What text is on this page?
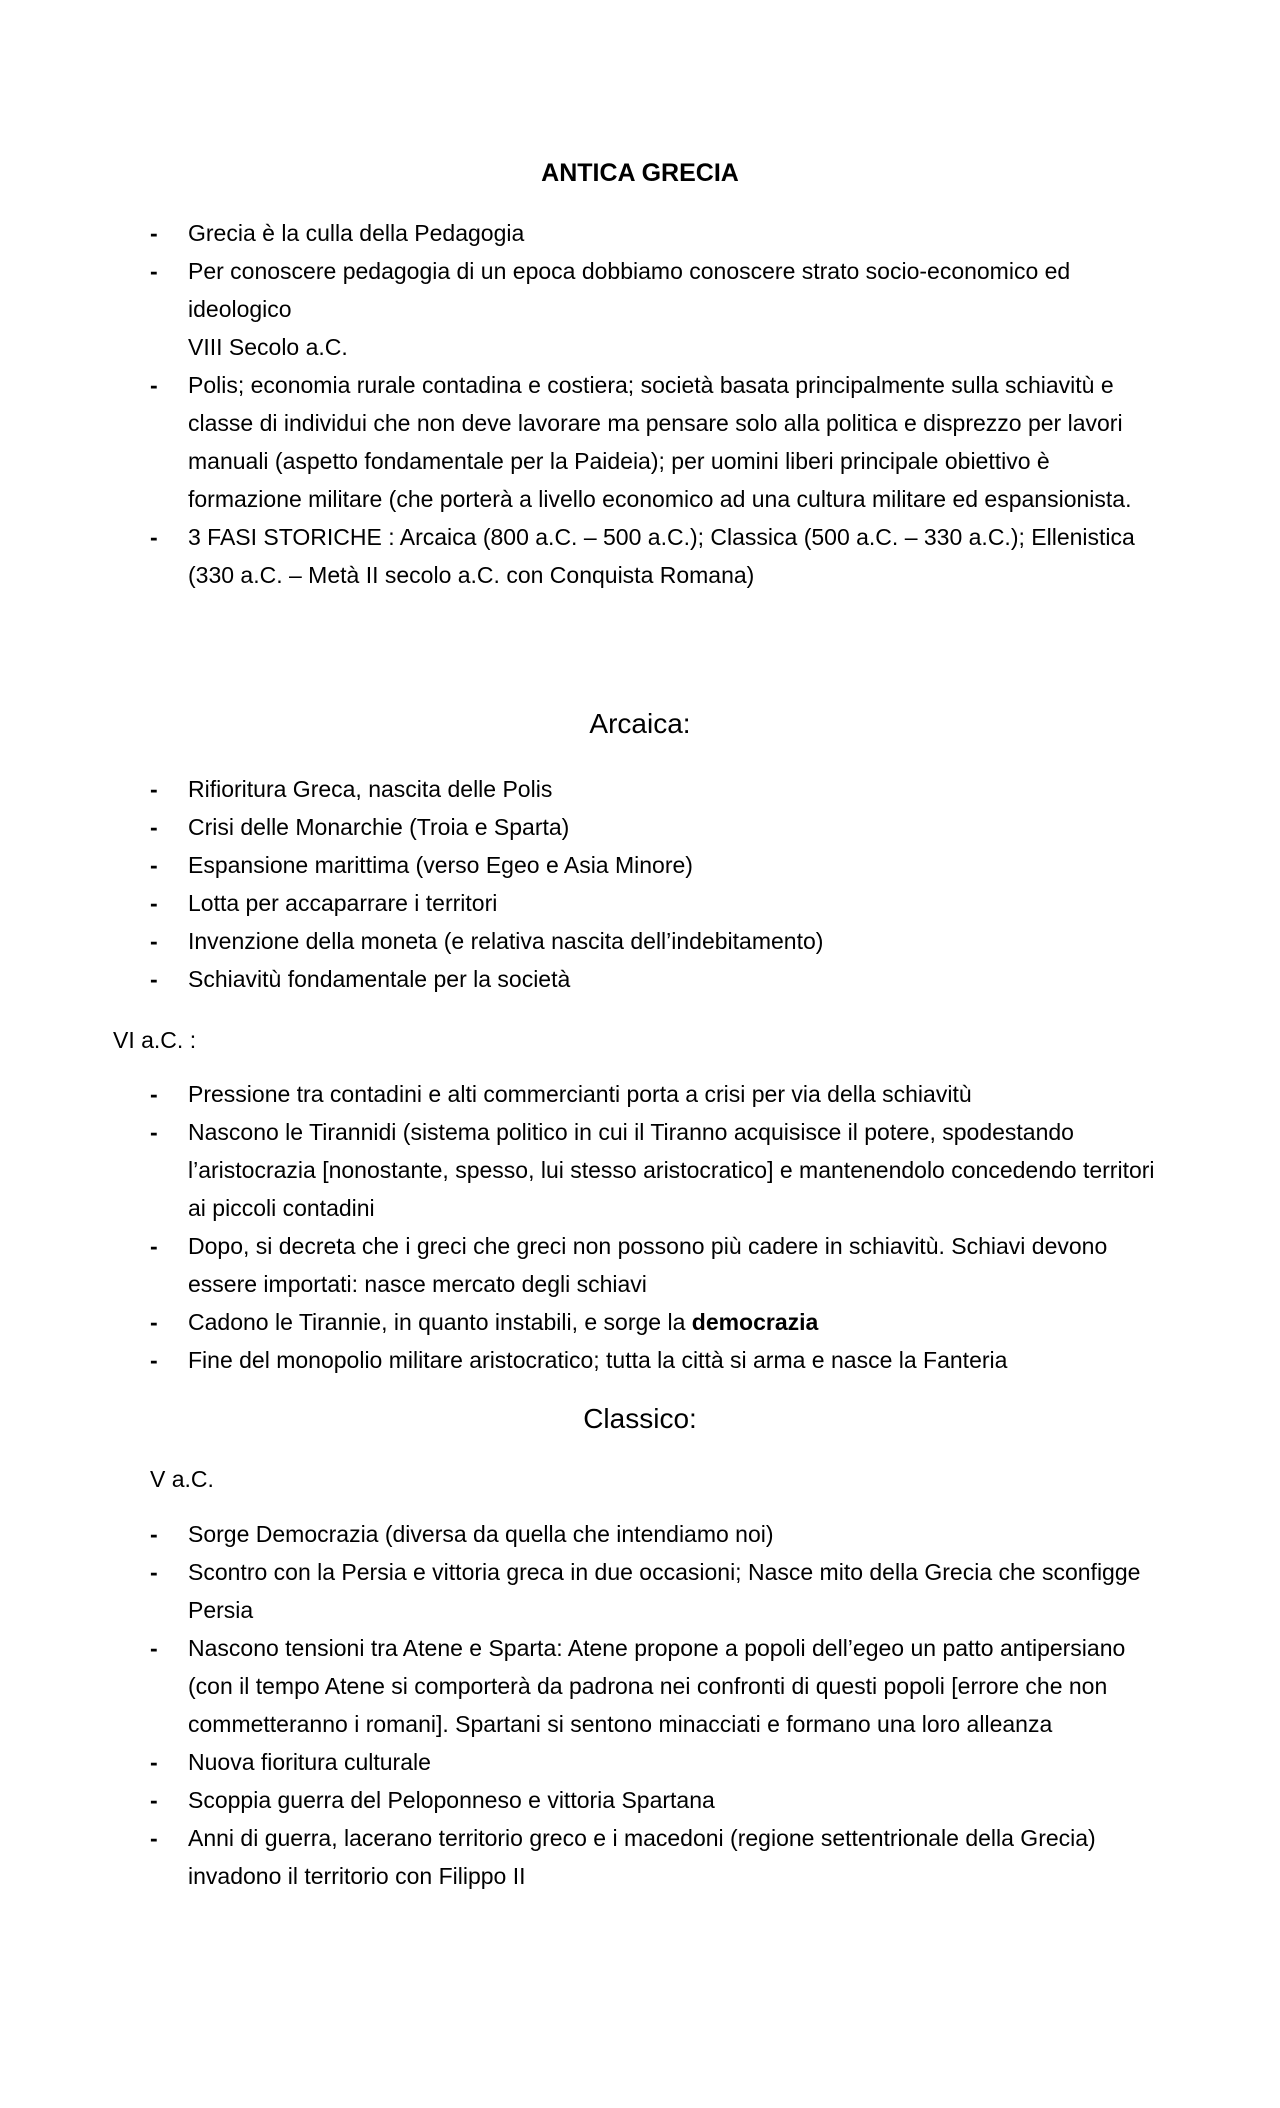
ANTICA GRECIA
-	Grecia è la culla della Pedagogia
-	Per conoscere pedagogia di un epoca dobbiamo conoscere strato socio-economico ed ideologico
VIII Secolo a.C.
-	Polis; economia rurale contadina e costiera; società basata principalmente sulla schiavitù e classe di individui che non deve lavorare ma pensare solo alla politica e disprezzo per lavori manuali (aspetto fondamentale per la Paideia); per uomini liberi principale obiettivo è formazione militare (che porterà a livello economico ad una cultura militare ed espansionista.
-	3 FASI STORICHE : Arcaica (800 a.C. – 500 a.C.); Classica (500 a.C. – 330 a.C.); Ellenistica (330 a.C. – Metà II secolo a.C. con Conquista Romana)
Arcaica:
-	Rifioritura Greca, nascita delle Polis
-	Crisi delle Monarchie (Troia e Sparta)
-	Espansione marittima (verso Egeo e Asia Minore)
-	Lotta per accaparrare i territori
-	Invenzione della moneta (e relativa nascita dell’indebitamento)
-	Schiavitù fondamentale per la società
VI a.C. :
-	Pressione tra contadini e alti commercianti porta a crisi per via della schiavitù
-	Nascono le Tirannidi (sistema politico in cui il Tiranno acquisisce il potere, spodestando l’aristocrazia [nonostante, spesso, lui stesso aristocratico] e mantenendolo concedendo territori ai piccoli contadini
-	Dopo, si decreta che i greci che greci non possono più cadere in schiavitù. Schiavi devono essere importati: nasce mercato degli schiavi
-	Cadono le Tirannie, in quanto instabili, e sorge la democrazia
-	Fine del monopolio militare aristocratico; tutta la città si arma e nasce la Fanteria
Classico:
V a.C.
-	Sorge Democrazia (diversa da quella che intendiamo noi)
-	Scontro con la Persia e vittoria greca in due occasioni; Nasce mito della Grecia che sconfigge Persia
-	Nascono tensioni tra Atene e Sparta: Atene propone a popoli dell’egeo un patto antipersiano (con il tempo Atene si comporterà da padrona nei confronti di questi popoli [errore che non commetteranno i romani]. Spartani si sentono minacciati e formano una loro alleanza
-	Nuova fioritura culturale
-	Scoppia guerra del Peloponneso e vittoria Spartana
-	Anni di guerra, lacerano territorio greco e i macedoni (regione settentrionale della Grecia) invadono il territorio con Filippo II
